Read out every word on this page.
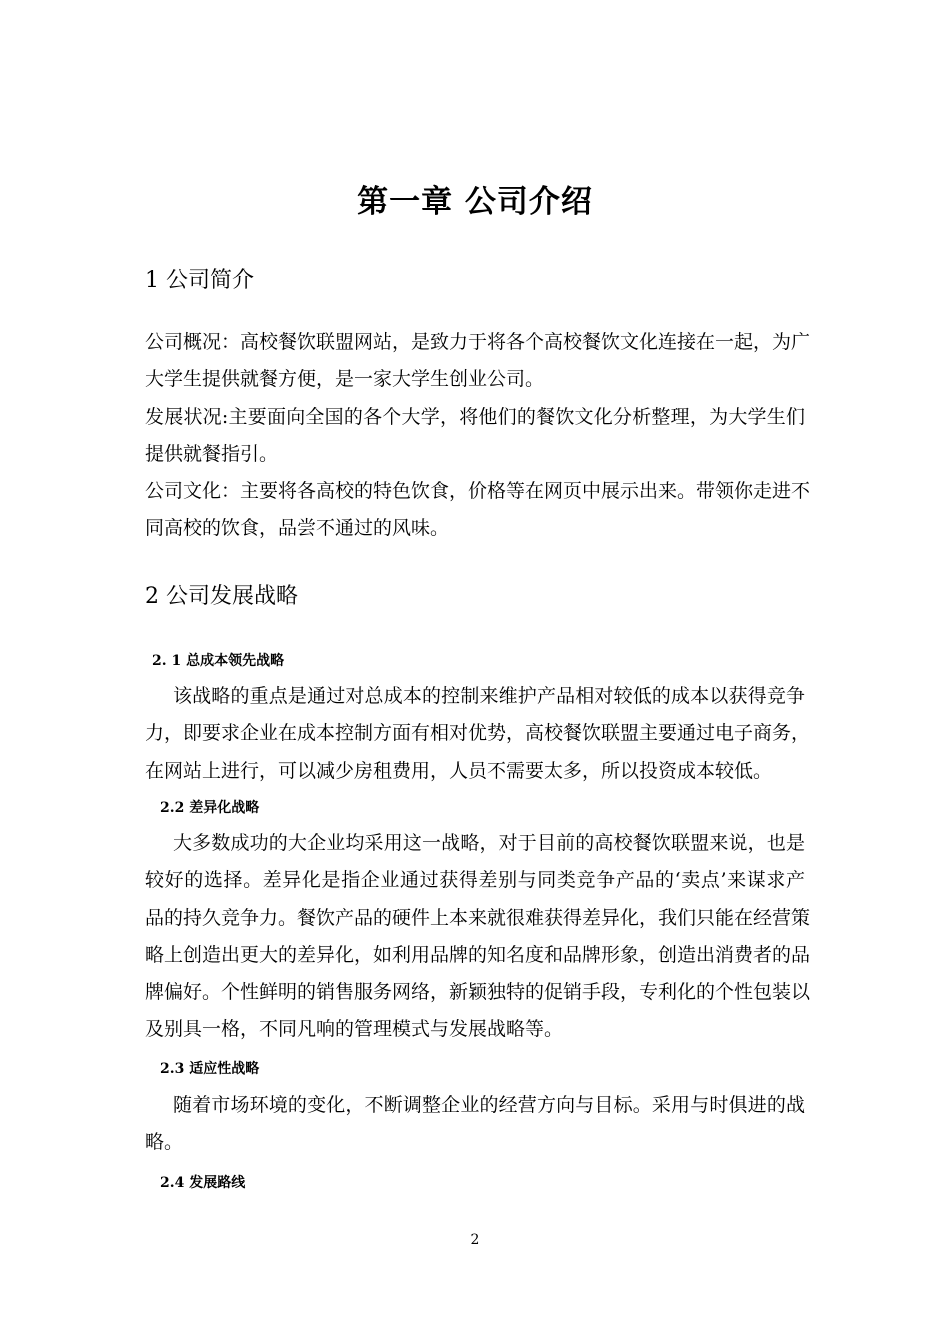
第一章 公司介绍
1 公司简介
公司概况：高校餐饮联盟网站，是致力于将各个高校餐饮文化连接在一起，为广
大学生提供就餐方便，是一家大学生创业公司。
发展状况:主要面向全国的各个大学，将他们的餐饮文化分析整理，为大学生们
提供就餐指引。
公司文化：主要将各高校的特色饮食，价格等在网页中展示出来。带领你走进不
同高校的饮食，品尝不通过的风味。
2 公司发展战略
2. 1 总成本领先战略
该战略的重点是通过对总成本的控制来维护产品相对较低的成本以获得竞争
力，即要求企业在成本控制方面有相对优势，高校餐饮联盟主要通过电子商务，
在网站上进行，可以减少房租费用，人员不需要太多，所以投资成本较低。
2.2 差异化战略
大多数成功的大企业均采用这一战略，对于目前的高校餐饮联盟来说，也是
较好的选择。差异化是指企业通过获得差别与同类竞争产品的‘卖点’来谋求产
品的持久竞争力。餐饮产品的硬件上本来就很难获得差异化，我们只能在经营策
略上创造出更大的差异化，如利用品牌的知名度和品牌形象，创造出消费者的品
牌偏好。个性鲜明的销售服务网络，新颖独特的促销手段，专利化的个性包装以
及别具一格，不同凡响的管理模式与发展战略等。
2.3 适应性战略
随着市场环境的变化，不断调整企业的经营方向与目标。采用与时俱进的战
略。
2.4 发展路线
2
